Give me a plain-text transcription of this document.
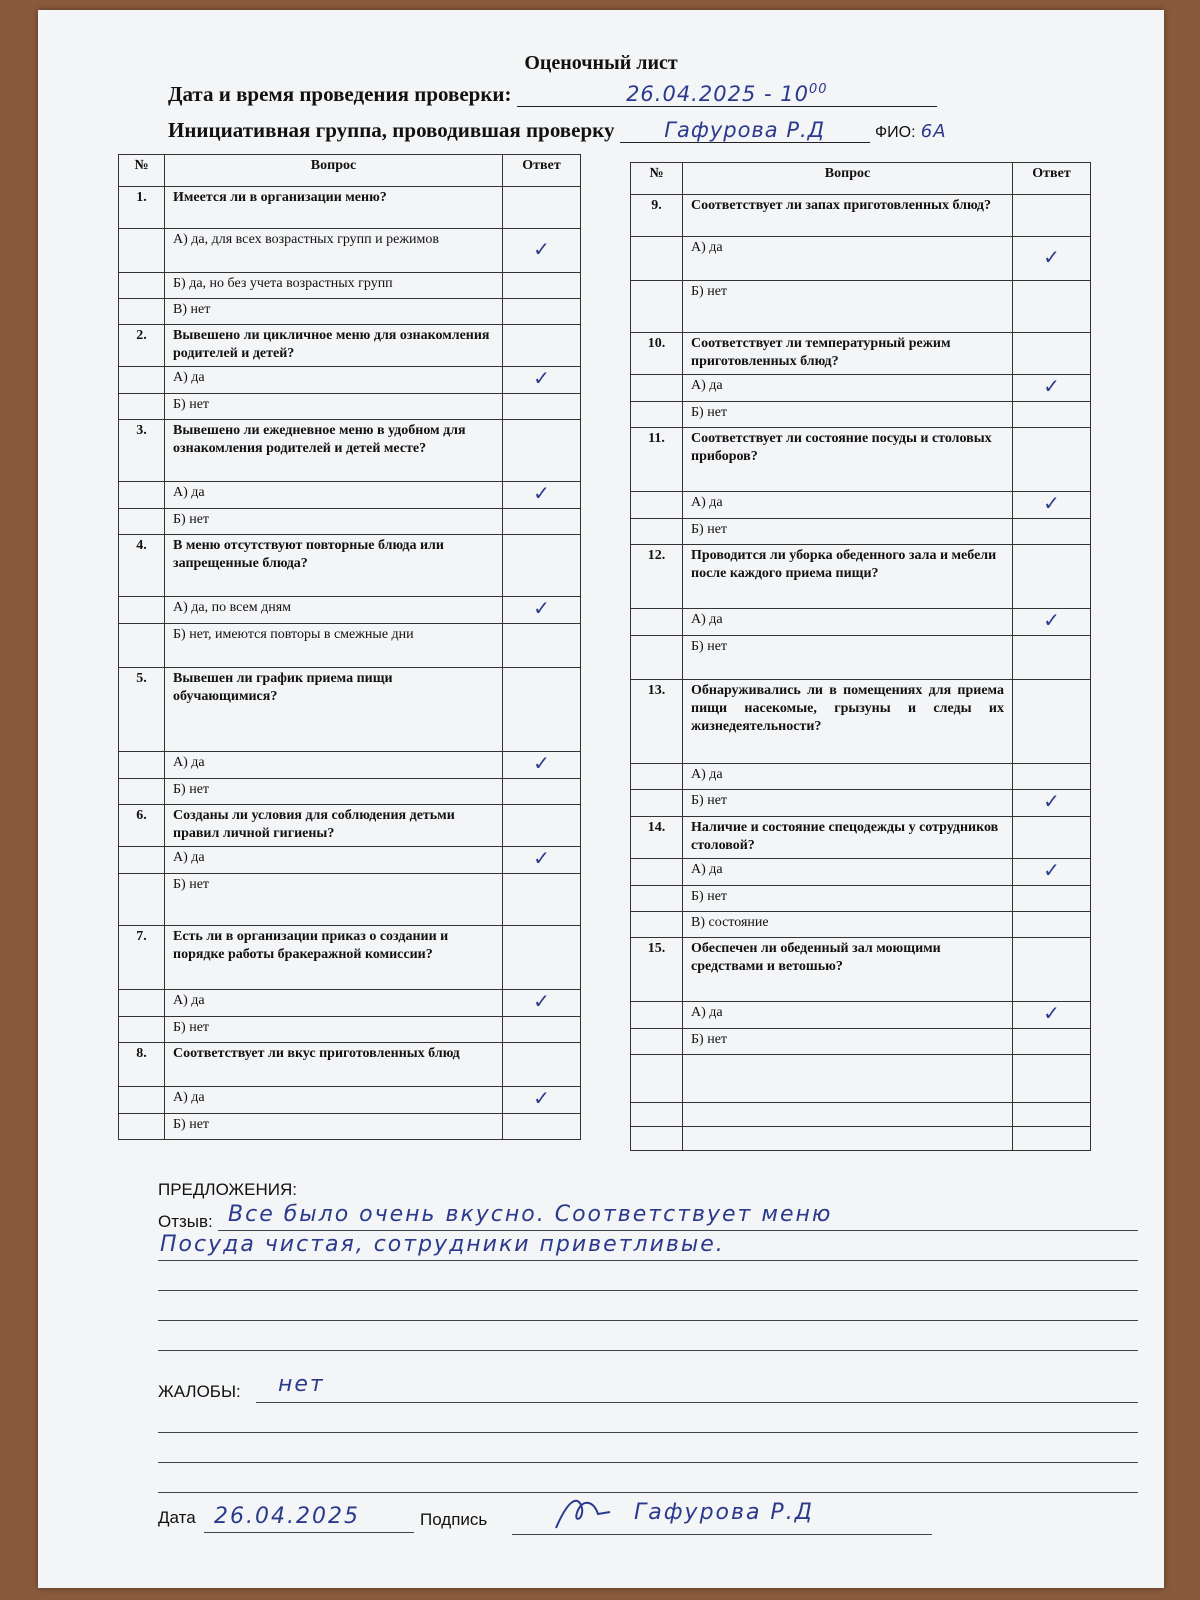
Оценочный лист
Дата и время проведения проверки:	$26.04.2025 - 10^{00}$
Инициативная группа, проводившая проверку Гафурова Р.Д	ФИО: 6А
№	Вопрос	Ответ
1.	Имеется ли в организации меню?	
	А) да, для всех возрастных групп и режимов	✓
	Б) да, но без учета возрастных групп	
	В) нет	
2.	Вывешено ли цикличное меню для ознакомления родителей и детей?	
	А) да	✓
	Б) нет	
3.	Вывешено ли ежедневное меню в удобном для ознакомления родителей и детей месте?	
	А) да	✓
	Б) нет	
4.	В меню отсутствуют повторные блюда или запрещенные блюда?	
	А) да, по всем дням	✓
	Б) нет, имеются повторы в смежные дни	
5.	Вывешен ли график приема пищи обучающимися?	
	А) да	✓
	Б) нет	
6.	Созданы ли условия для соблюдения детьми правил личной гигиены?	
	А) да	✓
	Б) нет	
7.	Есть ли в организации приказ о создании и порядке работы бракеражной комиссии?	
	А) да	✓
	Б) нет	
8.	Соответствует ли вкус приготовленных блюд	
	А) да	✓
	Б) нет	
№	Вопрос	Ответ
9.	Соответствует ли запах приготовленных блюд?	
	А) да	✓
	Б) нет	
10.	Соответствует ли температурный режим приготовленных блюд?	
	А) да	✓
	Б) нет	
11.	Соответствует ли состояние посуды и столовых приборов?	
	А) да	✓
	Б) нет	
12.	Проводится ли уборка обеденного зала и мебели после каждого приема пищи?	
	А) да	✓
	Б) нет	
13.	Обнаруживались ли в помещениях для приема пищи насекомые, грызуны и следы их жизнедеятельности?	
	А) да	
	Б) нет	✓
14.	Наличие и состояние спецодежды у сотрудников столовой?	
	А) да	✓
	Б) нет	
	В) состояние	
15.	Обеспечен ли обеденный зал моющими средствами и ветошью?	
	А) да	✓
	Б) нет	

ПРЕДЛОЖЕНИЯ:
Отзыв: Все было очень вкусно. Соответствует меню
Посуда чистая, сотрудники приветливые.
ЖАЛОБЫ:	нет
Дата 26.04.2025	Подпись	Гафурова Р.Д
